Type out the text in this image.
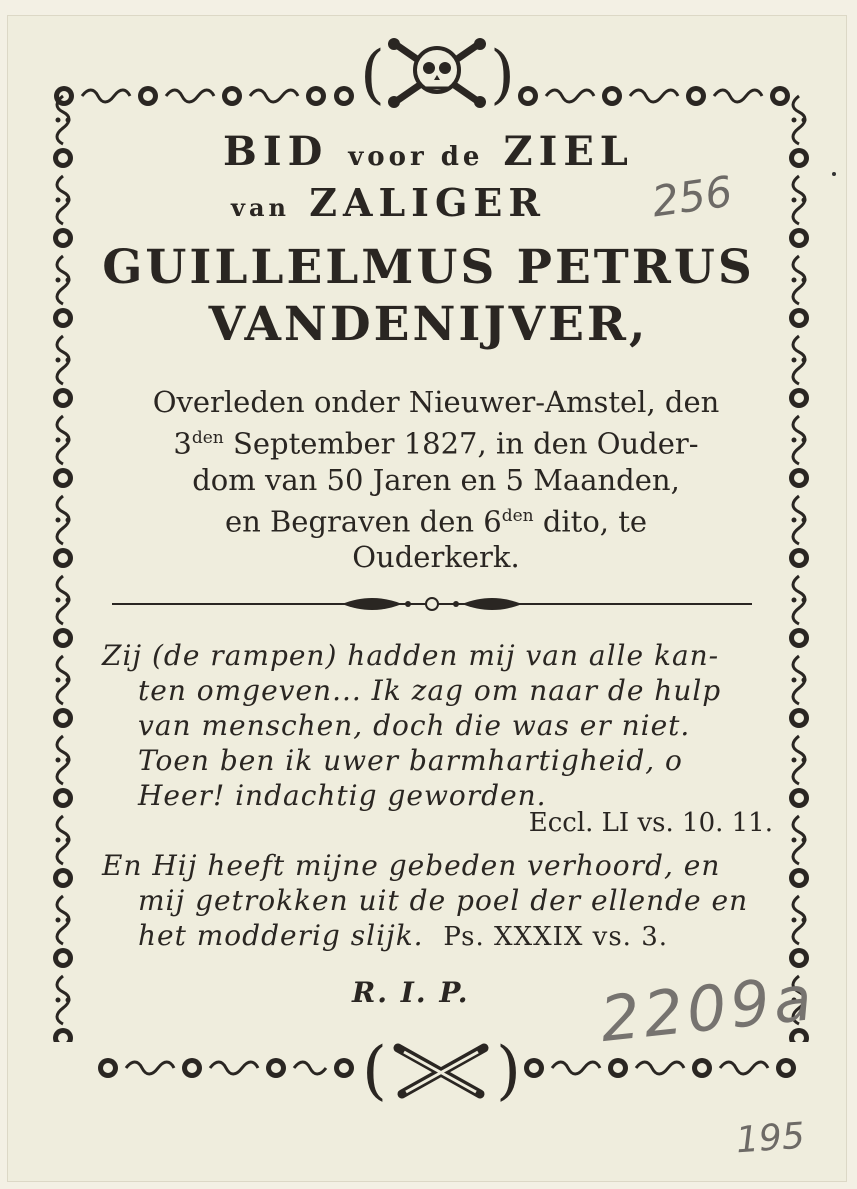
( )
( )
BID voor de ZIEL
van ZALIGER
GUILLELMUS PETRUS
VANDENIJVER,
Overleden onder Nieuwer-Amstel, den
$3^{den}$ September 1827, in den Ouder-
dom van 50 Jaren en 5 Maanden,
en Begraven den $6^{den}$ dito, te
Ouderkerk.
Zij (de rampen) hadden mij van alle kan-
ten omgeven... Ik zag om naar de hulp
van menschen, doch die was er niet.
Toen ben ik uwer barmhartigheid, o
Heer! indachtig geworden.
Eccl. LI vs. 10. 11.
En Hij heeft mijne gebeden verhoord, en
mij getrokken uit de poel der ellende en
het modderig slijk. Ps. XXXIX vs. 3.
R. I. P.
256
2209a
195
